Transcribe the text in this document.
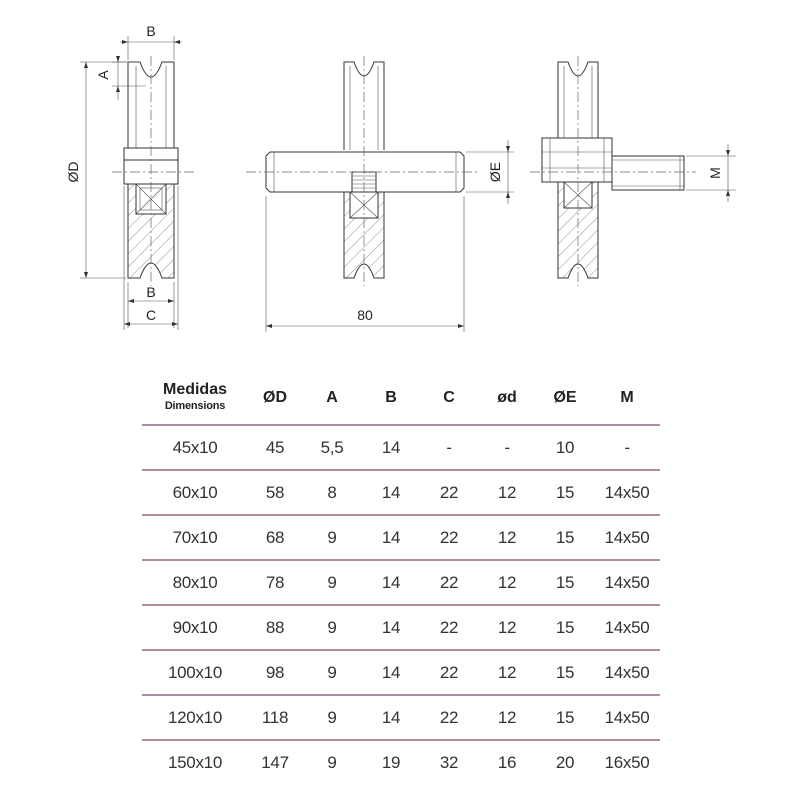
B
A
ØD
B
C
ØE
80
M
Medidas
Dimensions	ØD	A	B	C	ød	ØE	M
45x10	45	5,5	14	-	-	10	-
60x10	58	8	14	22	12	15	14x50
70x10	68	9	14	22	12	15	14x50
80x10	78	9	14	22	12	15	14x50
90x10	88	9	14	22	12	15	14x50
100x10	98	9	14	22	12	15	14x50
120x10	118	9	14	22	12	15	14x50
150x10	147	9	19	32	16	20	16x50
